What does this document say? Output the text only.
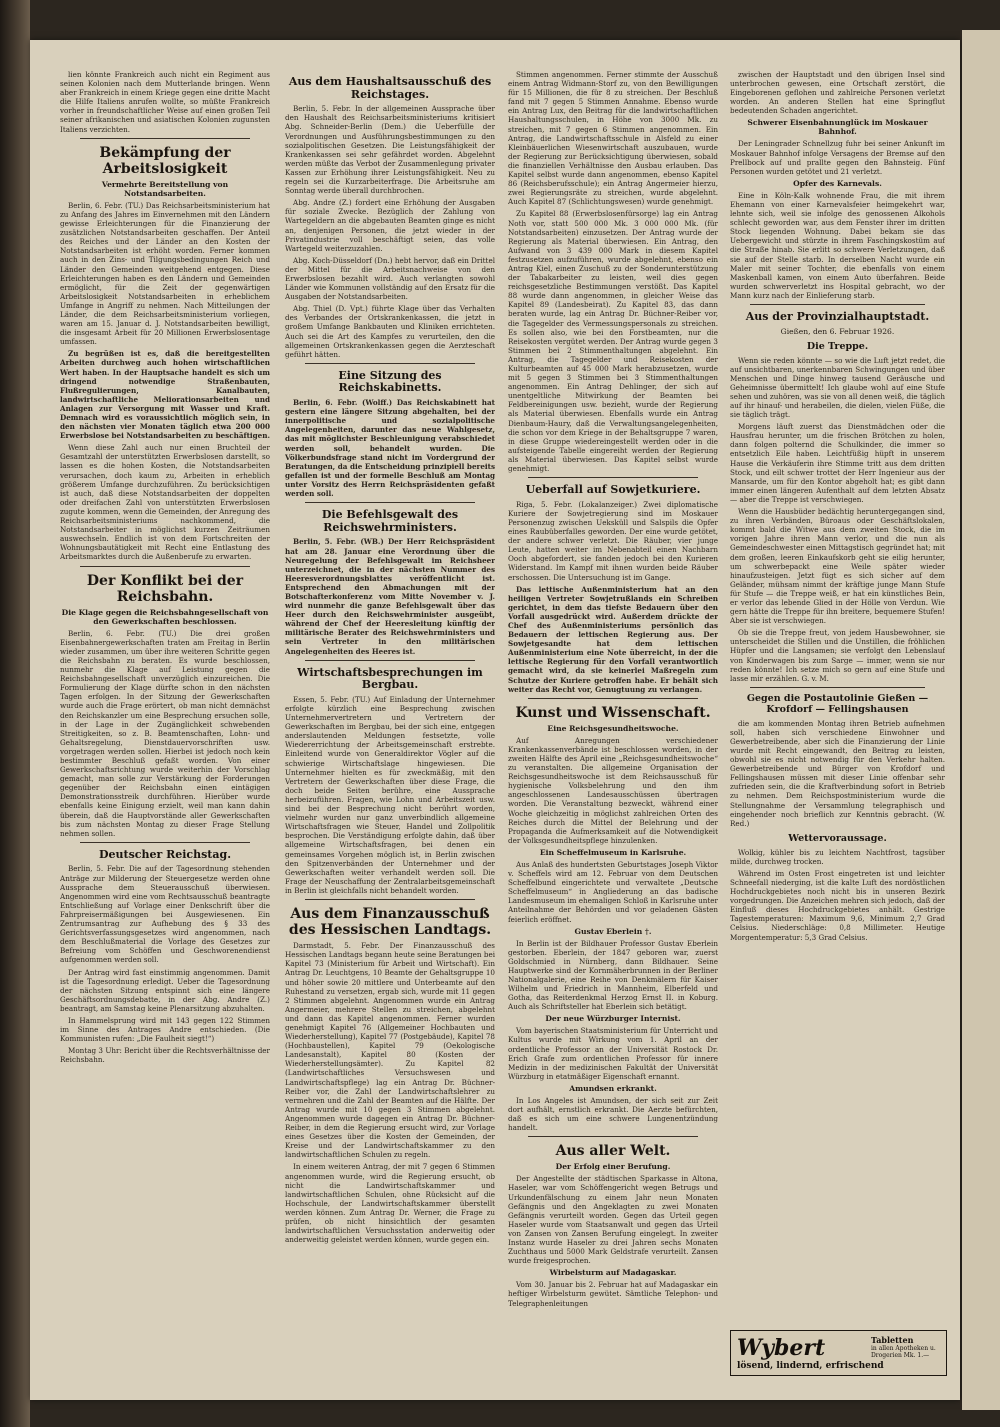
lien könnte Frankreich auch nicht ein Regiment aus seinen Kolonien nach dem Mutterlande bringen. Wenn aber Frankreich in einem Kriege gegen eine dritte Macht die Hilfe Italiens anrufen wollte, so müßte Frankreich vorher in freundschaftlicher Weise auf einen großen Teil seiner afrikanischen und asiatischen Kolonien zugunsten Italiens verzichten.

Bekämpfung der Arbeitslosigkeit
Vermehrte Bereitstellung von Notstandsarbeiten.

Berlin, 6. Febr. (TU.) Das Reichsarbeitsministerium hat zu Anfang des Jahres im Einvernehmen mit den Ländern gewisse Erleichterungen für die Finanzierung der zusätzlichen Notstandsarbeiten geschaffen. Der Anteil des Reiches und der Länder an den Kosten der Notstandsarbeiten ist erhöht worden. Ferner kommen auch in den Zins- und Tilgungsbedingungen Reich und Länder den Gemeinden weitgehend entgegen. Diese Erleichterungen haben es den Ländern und Gemeinden ermöglicht, für die Zeit der gegenwärtigen Arbeitslosigkeit Notstandsarbeiten in erheblichem Umfange in Angriff zu nehmen. Nach Mitteilungen der Länder, die dem Reichsarbeitsministerium vorliegen, waren am 15. Januar d. J. Notstandsarbeiten bewilligt, die insgesamt Arbeit für 20 Millionen Erwerbslosentage umfassen.

Zu begrüßen ist es, daß die bereitgestellten Arbeiten durchweg auch hohen wirtschaftlichen Wert haben. In der Hauptsache handelt es sich um dringend notwendige Straßenbauten, Flußregulierungen, Kanalbauten, landwirtschaftliche Meliorationsarbeiten und Anlagen zur Versorgung mit Wasser und Kraft. Demnach wird es voraussichtlich möglich sein, in den nächsten vier Monaten täglich etwa 200 000 Erwerbslose bei Notstandsarbeiten zu beschäftigen.

Wenn diese Zahl auch nur einen Bruchteil der Gesamtzahl der unterstützten Erwerbslosen darstellt, so lassen es die hohen Kosten, die Notstandsarbeiten verursachen, doch kaum zu, Arbeiten in erheblich größerem Umfange durchzuführen. Zu berücksichtigen ist auch, daß diese Notstandsarbeiten der doppelten oder dreifachen Zahl von unterstützten Erwerbslosen zugute kommen, wenn die Gemeinden, der Anregung des Reichsarbeitsministeriums nachkommend, die Notstandsarbeiter in möglichst kurzen Zeiträumen auswechseln. Endlich ist von dem Fortschreiten der Wohnungsbautätigkeit mit Recht eine Entlastung des Arbeitsmarktes durch die Außenberufe zu erwarten.

Der Konflikt bei der Reichsbahn.
Die Klage gegen die Reichsbahngesellschaft von den Gewerkschaften beschlossen.

Berlin, 6. Febr. (TU.) Die drei großen Eisenbahnergewerkschaften traten am Freitag in Berlin wieder zusammen, um über ihre weiteren Schritte gegen die Reichsbahn zu beraten. Es wurde beschlossen, nunmehr die Klage auf Leistung gegen die Reichsbahngesellschaft unverzüglich einzureichen. Die Formulierung der Klage dürfte schon in den nächsten Tagen erfolgen. In der Sitzung der Gewerkschaften wurde auch die Frage erörtert, ob man nicht demnächst den Reichskanzler um eine Besprechung ersuchen solle, in der Lage in der Zugänglichkeit schwebenden Streitigkeiten, so z. B. Beamtenschaften, Lohn- und Gehaltsregelung, Dienstdauervorschriften usw. vorgetragen werden sollen. Hierbei ist jedoch noch kein bestimmter Beschluß gefaßt worden. Von einer Gewerkschaftsrichtung wurde weiterhin der Vorschlag gemacht, man solle zur Verstärkung der Forderungen gegenüber der Reichsbahn einen eintägigen Demonstrationsstreik durchführen. Hierüber wurde ebenfalls keine Einigung erzielt, weil man kann dahin überein, daß die Hauptvorstände aller Gewerkschaften bis zum nächsten Montag zu dieser Frage Stellung nehmen sollen.

Deutscher Reichstag.

Berlin, 5. Febr. Die auf der Tagesordnung stehenden Anträge zur Milderung der Steuergesetze werden ohne Aussprache dem Steuerausschuß überwiesen. Angenommen wird eine vom Rechtsausschuß beantragte Entschließung auf Vorlage einer Denkschrift über die Fahrpreisermäßigungen bei Ausgewiesenen. Ein Zentrumsantrag zur Aufhebung des § 33 des Gerichtsverfassungsgesetzes wird angenommen, nach dem Beschlußmaterial die Vorlage des Gesetzes zur Befreiung vom Schöffen und Geschworenendienst aufgenommen werden soll.

Der Antrag wird fast einstimmig angenommen. Damit ist die Tagesordnung erledigt. Ueber die Tagesordnung der nächsten Sitzung entspinnt sich eine längere Geschäftsordnungsdebatte, in der Abg. Andre (Z.) beantragt, am Samstag keine Plenarsitzung abzuhalten.

In Hammelsprung wird mit 143 gegen 122 Stimmen im Sinne des Antrages Andre entschieden. (Die Kommunisten rufen: „Die Faulheit siegt!“)

Montag 3 Uhr: Bericht über die Rechtsverhältnisse der Reichsbahn.

Aus dem Haushaltsausschuß des Reichstages.

Berlin, 5. Febr. In der allgemeinen Aussprache über den Haushalt des Reichsarbeitsministeriums kritisiert Abg. Schneider-Berlin (Dem.) die Ueberfülle der Verordnungen und Ausführungsbestimmungen zu den sozialpolitischen Gesetzen. Die Leistungsfähigkeit der Krankenkassen sei sehr gefährdet worden. Abgelehnt werden müßte das Verbot der Zusammenlegung privater Kassen zur Erhöhung ihrer Leistungsfähigkeit. Neu zu regeln sei die Kurzarbeiterfrage. Die Arbeitsruhe am Sonntag werde überall durchbrochen.

Abg. Andre (Z.) fordert eine Erhöhung der Ausgaben für soziale Zwecke. Bezüglich der Zahlung von Wartegeldern an die abgebauten Beamten ginge es nicht an, denjenigen Personen, die jetzt wieder in der Privatindustrie voll beschäftigt seien, das volle Wartegeld weiterzuzahlen.

Abg. Koch-Düsseldorf (Dn.) hebt hervor, daß ein Drittel der Mittel für die Arbeitsnachweise von den Erwerbslosen bezahlt wird. Auch verlangten sowohl Länder wie Kommunen vollständig auf den Ersatz für die Ausgaben der Notstandsarbeiten.

Abg. Thiel (D. Vpt.) führte Klage über das Verhalten des Verbandes der Ortskrankenkassen, die jetzt in großem Umfange Bankbauten und Kliniken errichteten. Auch sei die Art des Kampfes zu verurteilen, den die allgemeinen Ortskrankenkassen gegen die Aerzteschaft geführt hätten.

Eine Sitzung des Reichskabinetts.

Berlin, 6. Febr. (Wolff.) Das Reichskabinett hat gestern eine längere Sitzung abgehalten, bei der innerpolitische und sozialpolitische Angelegenheiten, darunter das neue Wahlgesetz, das mit möglichster Beschleunigung verabschiedet werden soll, behandelt wurden. Die Völkerbundsfrage stand nicht im Vordergrund der Beratungen, da die Entscheidung prinzipiell bereits gefallen ist und der formelle Beschluß am Montag unter Vorsitz des Herrn Reichspräsidenten gefaßt werden soll.

Die Befehlsgewalt des Reichswehrministers.

Berlin, 5. Febr. (WB.) Der Herr Reichspräsident hat am 28. Januar eine Verordnung über die Neuregelung der Befehlsgewalt im Reichsheer unterzeichnet, die in der nächsten Nummer des Heeresverordnungsblattes veröffentlicht ist. Entsprechend den Abmachungen mit der Botschafterkonferenz vom Mitte November v. J. wird nunmehr die ganze Befehlsgewalt über das Heer durch den Reichswehrminister ausgeübt, während der Chef der Heeresleitung künftig der militärische Berater des Reichswehrministers und sein Vertreter in den militärischen Angelegenheiten des Heeres ist.

Wirtschaftsbesprechungen im Bergbau.

Essen, 5. Febr. (TU.) Auf Einladung der Unternehmer erfolgte kürzlich eine Besprechung zwischen Unternehmervertretern und Vertretern der Gewerkschaften im Bergbau, bei der sich eine, entgegen anderslautenden Meldungen festsetzte, volle Wiedererrichtung der Arbeitsgemeinschaft erstrebte. Einleitend wurde von Generaldirektor Vögler auf die schwierige Wirtschaftslage hingewiesen. Die Unternehmer hielten es für zweckmäßig, mit den Vertretern der Gewerkschaften über diese Frage, die doch beide Seiten berühre, eine Aussprache herbeizuführen. Fragen, wie Lohn und Arbeitszeit usw. sind bei der Besprechung nicht berührt worden, vielmehr wurden nur ganz unverbindlich allgemeine Wirtschaftsfragen wie Steuer, Handel und Zollpolitik besprochen. Die Verständigung erfolgte dahin, daß über allgemeine Wirtschaftsfragen, bei denen ein gemeinsames Vorgehen möglich ist, in Berlin zwischen den Spitzenverbänden der Unternehmer und der Gewerkschaften weiter verhandelt werden soll. Die Frage der Neuschaffung der Zentralarbeitsgemeinschaft in Berlin ist gleichfalls nicht behandelt worden.

Aus dem Finanzausschuß des Hessischen Landtags.

Darmstadt, 5. Febr. Der Finanzausschuß des Hessischen Landtags begann heute seine Beratungen bei Kapitel 73 (Ministerium für Arbeit und Wirtschaft). Ein Antrag Dr. Leuchtgens, 10 Beamte der Gehaltsgruppe 10 und höher sowie 20 mittlere und Unterbeamte auf den Ruhestand zu versetzen, ergab sich, wurde mit 11 gegen 2 Stimmen abgelehnt. Angenommen wurde ein Antrag Angermeier, mehrere Stellen zu streichen, abgelehnt und dann das Kapitel angenommen. Ferner wurden genehmigt Kapitel 76 (Allgemeiner Hochbauten und Wiederherstellung), Kapitel 77 (Postgebäude), Kapitel 78 (Hochbaustellen), Kapitel 79 (Oekologische Landesanstalt), Kapitel 80 (Kosten der Wiederherstellungsämter). Zu Kapitel 82 (Landwirtschaftliches Versuchswesen und Landwirtschaftspflege) lag ein Antrag Dr. Büchner-Reiber vor, die Zahl der Landwirtschaftslehrer zu vermehren und die Zahl der Beamten auf die Hälfte. Der Antrag wurde mit 10 gegen 3 Stimmen abgelehnt. Angenommen wurde dagegen ein Antrag Dr. Büchner-Reiber, in dem die Regierung ersucht wird, zur Vorlage eines Gesetzes über die Kosten der Gemeinden, der Kreise und der Landwirtschaftskammer zu den landwirtschaftlichen Schulen zu regeln.

In einem weiteren Antrag, der mit 7 gegen 6 Stimmen angenommen wurde, wird die Regierung ersucht, ob nicht die Landwirtschaftskammer und landwirtschaftlichen Schulen, ohne Rücksicht auf die Hochschule, der Landwirtschaftskammer überstellt werden können. Zum Antrag Dr. Werner, die Frage zu prüfen, ob nicht hinsichtlich der gesamten landwirtschaftlichen Versuchsstation anderweitig oder anderweitig geleistet werden können, wurde gegen ein.

Stimmen angenommen. Ferner stimmte der Ausschuß einem Antrag Widmann-Storf zu, von den Bewilligungen für 15 Millionen, die für 8 zu streichen. Der Beschluß fand mit 7 gegen 5 Stimmen Annahme. Ebenso wurde ein Antrag Lux, den Beitrag für die landwirtschaftlichen Haushaltungsschulen, in Höhe von 3000 Mk. zu streichen, mit 7 gegen 6 Stimmen angenommen. Ein Antrag, die Landwirtschaftsschule in Alsfeld zu einer Kleinbäuerlichen Wiesenwirtschaft auszubauen, wurde der Regierung zur Berücksichtigung überwiesen, sobald die finanziellen Verhältnisse den Ausbau erlauben. Das Kapitel selbst wurde dann angenommen, ebenso Kapitel 86 (Reichsberufsschule); ein Antrag Angermeier hierzu, zwei Regierungsräte zu streichen, wurde abgelehnt. Auch Kapitel 87 (Schlichtungswesen) wurde genehmigt.

Zu Kapitel 88 (Erwerbslosenfürsorge) lag ein Antrag Noth vor, statt 500 000 Mk. 3 000 000 Mk. (für Notstandsarbeiten) einzusetzen. Der Antrag wurde der Regierung als Material überwiesen. Ein Antrag, den Aufwand von 3 439 000 Mark in diesem Kapitel festzusetzen aufzuführen, wurde abgelehnt, ebenso ein Antrag Kiel, einen Zuschuß zu der Sonderunterstützung der Tabakarbeiter zu leisten, weil dies gegen reichsgesetzliche Bestimmungen verstößt. Das Kapitel 88 wurde dann angenommen, in gleicher Weise das Kapitel 89 (Landesbeirat). Zu Kapitel 83, das dann beraten wurde, lag ein Antrag Dr. Büchner-Reiber vor, die Tagegelder des Vermessungspersonals zu streichen. Es sollen also, wie bei den Forstbeamten, nur die Reisekosten vergütet werden. Der Antrag wurde gegen 3 Stimmen bei 2 Stimmenthaltungen abgelehnt. Ein Antrag, die Tagegelder und Reisekosten der Kulturbeamten auf 45 000 Mark herabzusetzen, wurde mit 5 gegen 3 Stimmen bei 3 Stimmenthaltungen angenommen. Ein Antrag Dehlinger, der sich auf unentgeltliche Mitwirkung der Beamten bei Feldbereinigungen usw. bezieht, wurde der Regierung als Material überwiesen. Ebenfalls wurde ein Antrag Dienbaum-Haury, daß die Verwaltungsangelegenheiten, die schon vor dem Kriege in der Behaltsgruppe 7 waren, in diese Gruppe wiedereingestellt werden oder in die aufsteigende Tabelle eingereiht werden der Regierung als Material überwiesen. Das Kapitel selbst wurde genehmigt.

Ueberfall auf Sowjetkuriere.

Riga, 5. Febr. (Lokalanzeiger.) Zwei diplomatische Kuriere der Sowjetregierung sind im Moskauer Personenzug zwischen Ueksküll und Salspils die Opfer eines Raubüberfalles geworden. Der eine wurde getötet, der andere schwer verletzt. Die Räuber, vier junge Leute, hatten weiter im Nebenabteil einen Nachbarn Ooch abgefordert, sie fanden jedoch bei den Kurieren Widerstand. Im Kampf mit ihnen wurden beide Räuber erschossen. Die Untersuchung ist im Gange.

Das lettische Außenministerium hat an den heiligen Vertreter Sowjetrußlands ein Schreiben gerichtet, in dem das tiefste Bedauern über den Vorfall ausgedrückt wird. Außerdem drückte der Chef des Außenministeriums persönlich das Bedauern der lettischen Regierung aus. Der Sowjetgesandte hat dem lettischen Außenministerium eine Note überreicht, in der die lettische Regierung für den Vorfall verantwortlich gemacht wird, da sie keinerlei Maßregeln zum Schutze der Kuriere getroffen habe. Er behält sich weiter das Recht vor, Genugtuung zu verlangen.

Kunst und Wissenschaft.
Eine Reichsgesundheitswoche.

Auf Anregungen verschiedener Krankenkassenverbände ist beschlossen worden, in der zweiten Hälfte des April eine „Reichsgesundheitswoche“ zu veranstalten. Die allgemeine Organisation der Reichsgesundheitswoche ist dem Reichsausschuß für hygienische Volksbelehrung und den ihm angeschlossenen Landesausschüssen übertragen worden. Die Veranstaltung bezweckt, während einer Woche gleichzeitig in möglichst zahlreichen Orten des Reiches durch die Mittel der Belehrung und der Propaganda die Aufmerksamkeit auf die Notwendigkeit der Volksgesundheitspflege hinzulenken.

Ein Scheffelmuseum in Karlsruhe.

Aus Anlaß des hundertsten Geburtstages Joseph Viktor v. Scheffels wird am 12. Februar von dem Deutschen Scheffelbund eingerichtete und verwaltete „Deutsche Scheffelmuseum“ in Angliederung an das badische Landesmuseum im ehemaligen Schloß in Karlsruhe unter Anteilnahme der Behörden und vor geladenen Gästen feierlich eröffnet.

Gustav Eberlein †.

In Berlin ist der Bildhauer Professor Gustav Eberlein gestorben. Eberlein, der 1847 geboren war, zuerst Goldschmied in Nürnberg, dann Bildhauer. Seine Hauptwerke sind der Kornmäherbrunnen in der Berliner Nationalgalerie, eine Reihe von Denkmälern für Kaiser Wilhelm und Friedrich in Mannheim, Elberfeld und Gotha, das Reiterdenkmal Herzog Ernst II. in Koburg. Auch als Schriftsteller hat Eberlein sich betätigt.

Der neue Würzburger Internist.

Vom bayerischen Staatsministerium für Unterricht und Kultus wurde mit Wirkung vom 1. April an der ordentliche Professor an der Universität Rostock Dr. Erich Grafe zum ordentlichen Professor für innere Medizin in der medizinischen Fakultät der Universität Würzburg in etatmäßiger Eigenschaft ernannt.

Amundsen erkrankt.

In Los Angeles ist Amundsen, der sich seit zur Zeit dort aufhält, ernstlich erkrankt. Die Aerzte befürchten, daß es sich um eine schwere Lungenentzündung handelt.

Aus aller Welt.
Der Erfolg einer Berufung.

Der Angestellte der städtischen Sparkasse in Altona, Haseler, war vom Schöffengericht wegen Betrugs und Urkundenfälschung zu einem Jahr neun Monaten Gefängnis und den Angeklagten zu zwei Monaten Gefängnis verurteilt worden. Gegen das Urteil gegen Haseler wurde vom Staatsanwalt und gegen das Urteil von Zansen von Zansen Berufung eingelegt. In zweiter Instanz wurde Haseler zu drei Jahren sechs Monaten Zuchthaus und 5000 Mark Geldstrafe verurteilt. Zansen wurde freigesprochen.

Wirbelsturm auf Madagaskar.

Vom 30. Januar bis 2. Februar hat auf Madagaskar ein heftiger Wirbelsturm gewütet. Sämtliche Telephon- und Telegraphenleitungen

zwischen der Hauptstadt und den übrigen Insel sind unterbrochen gewesen, eine Ortschaft zerstört, die Eingeborenen geflohen und zahlreiche Personen verletzt worden. An anderen Stellen hat eine Springflut bedeutenden Schaden angerichtet.

Schwerer Eisenbahnunglück im Moskauer Bahnhof.

Der Leningrader Schnellzug fuhr bei seiner Ankunft im Moskauer Bahnhof infolge Versagens der Bremse auf den Prellbock auf und prallte gegen den Bahnsteig. Fünf Personen wurden getötet und 21 verletzt.

Opfer des Karnevals.

Eine in Köln-Kalk wohnende Frau, die mit ihrem Ehemann von einer Karnevalsfeier heimgekehrt war, lehnte sich, weil sie infolge des genossenen Alkohols schlecht geworden war, aus dem Fenster ihrer im dritten Stock liegenden Wohnung. Dabei bekam sie das Uebergewicht und stürzte in ihrem Faschingskostüm auf die Straße hinab. Sie erlitt so schwere Verletzungen, daß sie auf der Stelle starb. In derselben Nacht wurde ein Maler mit seiner Tochter, die ebenfalls von einem Maskenball kamen, von einem Auto überfahren. Beide wurden schwerverletzt ins Hospital gebracht, wo der Mann kurz nach der Einlieferung starb.

Aus der Provinzialhauptstadt.
Gießen, den 6. Februar 1926.
Die Treppe.

Wenn sie reden könnte — so wie die Luft jetzt redet, die auf unsichtbaren, unerkennbaren Schwingungen und über Menschen und Dinge hinweg tausend Geräusche und Geheimnisse übermittelt! Ich glaube wohl auf eine Stufe sehen und zuhören, was sie von all denen weiß, die täglich auf ihr hinauf- und herabeilen, die dielen, vielen Füße, die sie täglich trägt.

Morgens läuft zuerst das Dienstmädchen oder die Hausfrau herunter, um die frischen Brötchen zu holen, dann folgen polternd die Schulkinder, die immer so entsetzlich Eile haben. Leichtfüßig hüpft in unserem Hause die Verkäuferin ihre Stimme tritt aus dem dritten Stock, und eilt schwer trottet der Herr Ingenieur aus der Mansarde, um für den Kontor abgeholt hat; es gibt dann immer einen längeren Aufenthalt auf dem letzten Absatz — aber die Treppe ist verschwiegen.

Wenn die Hausbüder bedächtig heruntergegangen sind, zu ihren Verbänden, Büroaus oder Geschäftslokalen, kommt bald die Witwe aus dem zweiten Stock, die im vorigen Jahre ihren Mann verlor, und die nun als Gemeindeschwester einen Mittagstisch gegründet hat; mit dem großen, leeren Einkaufskorb geht sie eilig herunter, um schwerbepackt eine Weile später wieder hinaufzusteigen. Jetzt fügt es sich sicher auf dem Geländer, mühsam nimmt der kräftige junge Mann Stufe für Stufe — die Treppe weiß, er hat ein künstliches Bein, er verlor das lebende Glied in der Hölle von Verdun. Wie gern hätte die Treppe für ihn breitere, bequemere Stufen! Aber sie ist verschwiegen.

Ob sie die Treppe freut, von jedem Hausbewohner, sie unterscheidet die Stillen und die Unstillen, die fröhlichen Hüpfer und die Langsamen; sie verfolgt den Lebenslauf von Kinderwagen bis zum Sarge — immer, wenn sie nur reden könnte! Ich setze mich so gern auf eine Stufe und lasse mir erzählen. G. v. M.

Gegen die Postautolinie Gießen — Krofdorf — Fellingshausen

die am kommenden Montag ihren Betrieb aufnehmen soll, haben sich verschiedene Einwohner und Gewerbetreibende, aber sich die Finanzierung der Linie wurde mit Recht eingewandt, den Beitrag zu leisten, obwohl sie es nicht notwendig für den Verkehr halten. Gewerbetreibende und Bürger von Krofdorf und Fellingshausen müssen mit dieser Linie offenbar sehr zufrieden sein, die die Kraftverbindung sofort in Betrieb zu nehmen. Dem Reichspostministerium wurde die Stellungnahme der Versammlung telegraphisch und eingehender noch brieflich zur Kenntnis gebracht. (W. Red.)

Wettervoraussage.

Wolkig, kühler bis zu leichtem Nachtfrost, tagsüber milde, durchweg trocken.

Während im Osten Frost eingetreten ist und leichter Schneefall niederging, ist die kalte Luft des nordöstlichen Hochdruckgebietes noch nicht bis in unseren Bezirk vorgedrungen. Die Anzeichen mehren sich jedoch, daß der Einfluß dieses Hochdruckgebietes anhält. Gestrige Tagestemperaturen: Maximum 9,6, Minimum 2,7 Grad Celsius. Niederschläge: 0,8 Millimeter. Heutige Morgentemperatur: 5,3 Grad Celsius.

Wybert
lösend, lindernd, erfrischend
Tabletten
in allen Apotheken u. Drogerien Mk. 1.—
